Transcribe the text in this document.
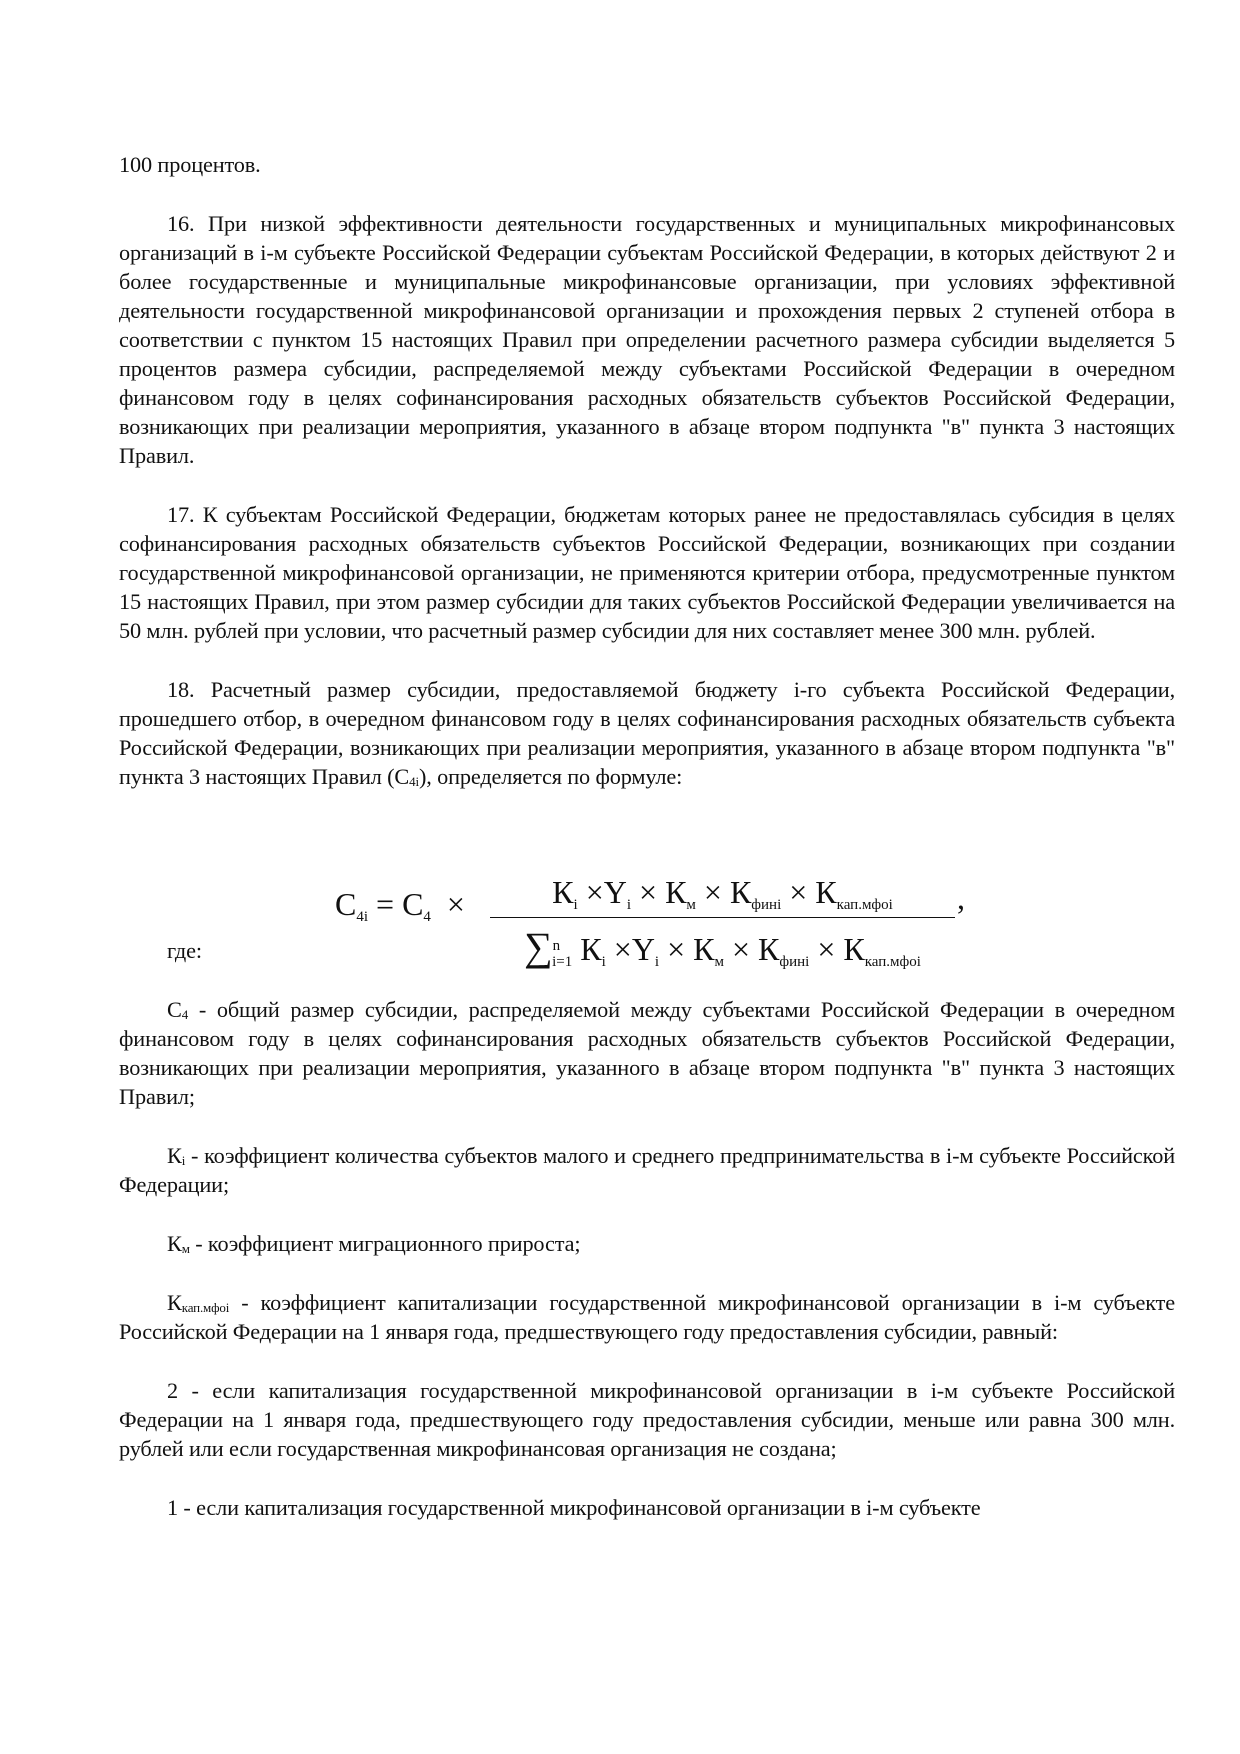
100 процентов.

16. При низкой эффективности деятельности государственных и муниципальных микрофинансовых организаций в i-м субъекте Российской Федерации субъектам Российской Федерации, в которых действуют 2 и более государственные и муниципальные микрофинансовые организации, при условиях эффективной деятельности государственной микрофинансовой организации и прохождения первых 2 ступеней отбора в соответствии с пунктом 15 настоящих Правил при определении расчетного размера субсидии выделяется 5 процентов размера субсидии, распределяемой между субъектами Российской Федерации в очередном финансовом году в целях софинансирования расходных обязательств субъектов Российской Федерации, возникающих при реализации мероприятия, указанного в абзаце втором подпункта "в" пункта 3 настоящих Правил.

17. К субъектам Российской Федерации, бюджетам которых ранее не предоставлялась субсидия в целях софинансирования расходных обязательств субъектов Российской Федерации, возникающих при создании государственной микрофинансовой организации, не применяются критерии отбора, предусмотренные пунктом 15 настоящих Правил, при этом размер субсидии для таких субъектов Российской Федерации увеличивается на 50 млн. рублей при условии, что расчетный размер субсидии для них составляет менее 300 млн. рублей.

18. Расчетный размер субсидии, предоставляемой бюджету i-го субъекта Российской Федерации, прошедшего отбор, в очередном финансовом году в целях софинансирования расходных обязательств субъекта Российской Федерации, возникающих при реализации мероприятия, указанного в абзаце втором подпункта "в" пункта 3 настоящих Правил $(С_{4i})$, определяется по формуле:

где:

$С_4$ - общий размер субсидии, распределяемой между субъектами Российской Федерации в очередном финансовом году в целях софинансирования расходных обязательств субъектов Российской Федерации, возникающих при реализации мероприятия, указанного в абзаце втором подпункта "в" пункта 3 настоящих Правил;

$К_i$ - коэффициент количества субъектов малого и среднего предпринимательства в i-м субъекте Российской Федерации;

$К_м$ - коэффициент миграционного прироста;

$К_{кап.мфоi}$ - коэффициент капитализации государственной микрофинансовой организации в i-м субъекте Российской Федерации на 1 января года, предшествующего году предоставления субсидии, равный:

2 - если капитализация государственной микрофинансовой организации в i-м субъекте Российской Федерации на 1 января года, предшествующего году предоставления субсидии, меньше или равна 300 млн. рублей или если государственная микрофинансовая организация не создана;

1 - если капитализация государственной микрофинансовой организации в i-м субъекте

$С_{4i} = С_4$  ×	$К_i \times Y_i \times К_м \times К_{финi} \times К_{кап.мфоi}$
∑$^n_{i=1}$ $К_i \times Y_i \times К_м \times К_{финi} \times К_{кап.мфоi}$
,
